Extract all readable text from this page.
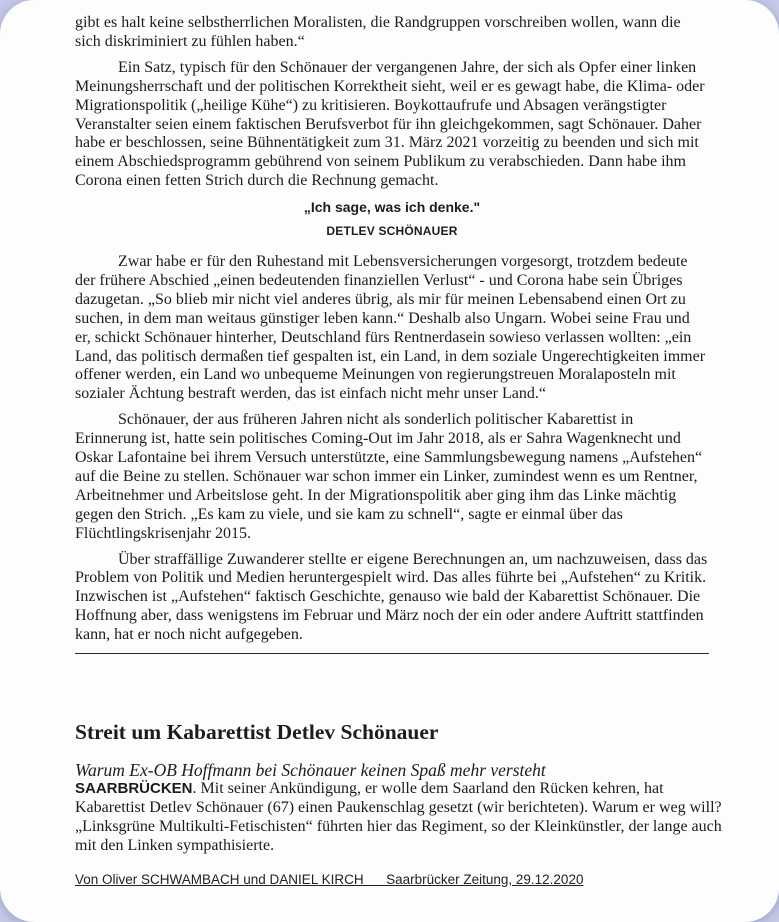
gibt es halt keine selbstherrlichen Moralisten, die Randgruppen vorschreiben wollen, wann die sich diskriminiert zu fühlen haben.“

Ein Satz, typisch für den Schönauer der vergangenen Jahre, der sich als Opfer einer linken Meinungsherrschaft und der politischen Korrektheit sieht, weil er es gewagt habe, die Klima- oder Migrationspolitik („heilige Kühe“) zu kritisieren. Boykottaufrufe und Absagen verängstigter Veranstalter seien einem faktischen Berufsverbot für ihn gleichgekommen, sagt Schönauer. Daher habe er beschlossen, seine Bühnentätigkeit zum 31. März 2021 vorzeitig zu beenden und sich mit einem Abschiedsprogramm gebührend von seinem Publikum zu verabschieden. Dann habe ihm Corona einen fetten Strich durch die Rechnung gemacht.

„Ich sage, was ich denke."
DETLEV SCHÖNAUER

Zwar habe er für den Ruhestand mit Lebensversicherungen vorgesorgt, trotzdem bedeute der frühere Abschied „einen bedeutenden finanziellen Verlust“ - und Corona habe sein Übriges dazugetan. „So blieb mir nicht viel anderes übrig, als mir für meinen Lebensabend einen Ort zu suchen, in dem man weitaus günstiger leben kann.“ Deshalb also Ungarn. Wobei seine Frau und er, schickt Schönauer hinterher, Deutschland fürs Rentnerdasein sowieso verlassen wollten: „ein Land, das politisch dermaßen tief gespalten ist, ein Land, in dem soziale Ungerechtigkeiten immer offener werden, ein Land wo unbequeme Meinungen von regierungstreuen Moralaposteln mit sozialer Ächtung bestraft werden, das ist einfach nicht mehr unser Land.“

Schönauer, der aus früheren Jahren nicht als sonderlich politischer Kabarettist in Erinnerung ist, hatte sein politisches Coming-Out im Jahr 2018, als er Sahra Wagenknecht und Oskar Lafontaine bei ihrem Versuch unterstützte, eine Sammlungsbewegung namens „Aufstehen“ auf die Beine zu stellen. Schönauer war schon immer ein Linker, zumindest wenn es um Rentner, Arbeitnehmer und Arbeitslose geht. In der Migrationspolitik aber ging ihm das Linke mächtig gegen den Strich. „Es kam zu viele, und sie kam zu schnell“, sagte er einmal über das Flüchtlingskrisenjahr 2015.

Über straffällige Zuwanderer stellte er eigene Berechnungen an, um nachzuweisen, dass das Problem von Politik und Medien heruntergespielt wird. Das alles führte bei „Aufstehen“ zu Kritik. Inzwischen ist „Aufstehen“ faktisch Geschichte, genauso wie bald der Kabarettist Schönauer. Die Hoffnung aber, dass wenigstens im Februar und März noch der ein oder andere Auftritt stattfinden kann, hat er noch nicht aufgegeben.

Streit um Kabarettist Detlev Schönauer

Warum Ex-OB Hoffmann bei Schönauer keinen Spaß mehr versteht

SAARBRÜCKEN. Mit seiner Ankündigung, er wolle dem Saarland den Rücken kehren, hat Kabarettist Detlev Schönauer (67) einen Paukenschlag gesetzt (wir berichteten). Warum er weg will? „Linksgrüne Multikulti-Fetischisten“ führten hier das Regiment, so der Kleinkünstler, der lange auch mit den Linken sympathisierte.

Von Oliver SCHWAMBACH und DANIEL KIRCH      Saarbrücker Zeitung, 29.12.2020
